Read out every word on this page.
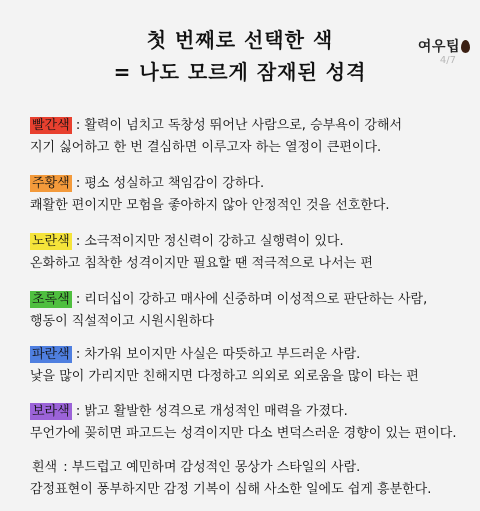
여우팁
4/7
첫 번째로 선택한 색
= 나도 모르게 잠재된 성격
빨간색 : 활력이 넘치고 독창성 뛰어난 사람으로, 승부욕이 강해서
지기 싫어하고 한 번 결심하면 이루고자 하는 열정이 큰편이다.
주황색 : 평소 성실하고 책임감이 강하다.
쾌활한 편이지만 모험을 좋아하지 않아 안정적인 것을 선호한다.
노란색 : 소극적이지만 정신력이 강하고 실행력이 있다.
온화하고 침착한 성격이지만 필요할 땐 적극적으로 나서는 편
초록색 : 리더십이 강하고 매사에 신중하며 이성적으로 판단하는 사람,
행동이 직설적이고 시원시원하다
파란색 : 차가워 보이지만 사실은 따뜻하고 부드러운 사람.
낯을 많이 가리지만 친해지면 다정하고 의외로 외로움을 많이 타는 편
보라색 : 밝고 활발한 성격으로 개성적인 매력을 가졌다.
무언가에 꽂히면 파고드는 성격이지만 다소 변덕스러운 경향이 있는 편이다.
흰색 : 부드럽고 예민하며 감성적인 몽상가 스타일의 사람.
감정표현이 풍부하지만 감정 기복이 심해 사소한 일에도 쉽게 흥분한다.
